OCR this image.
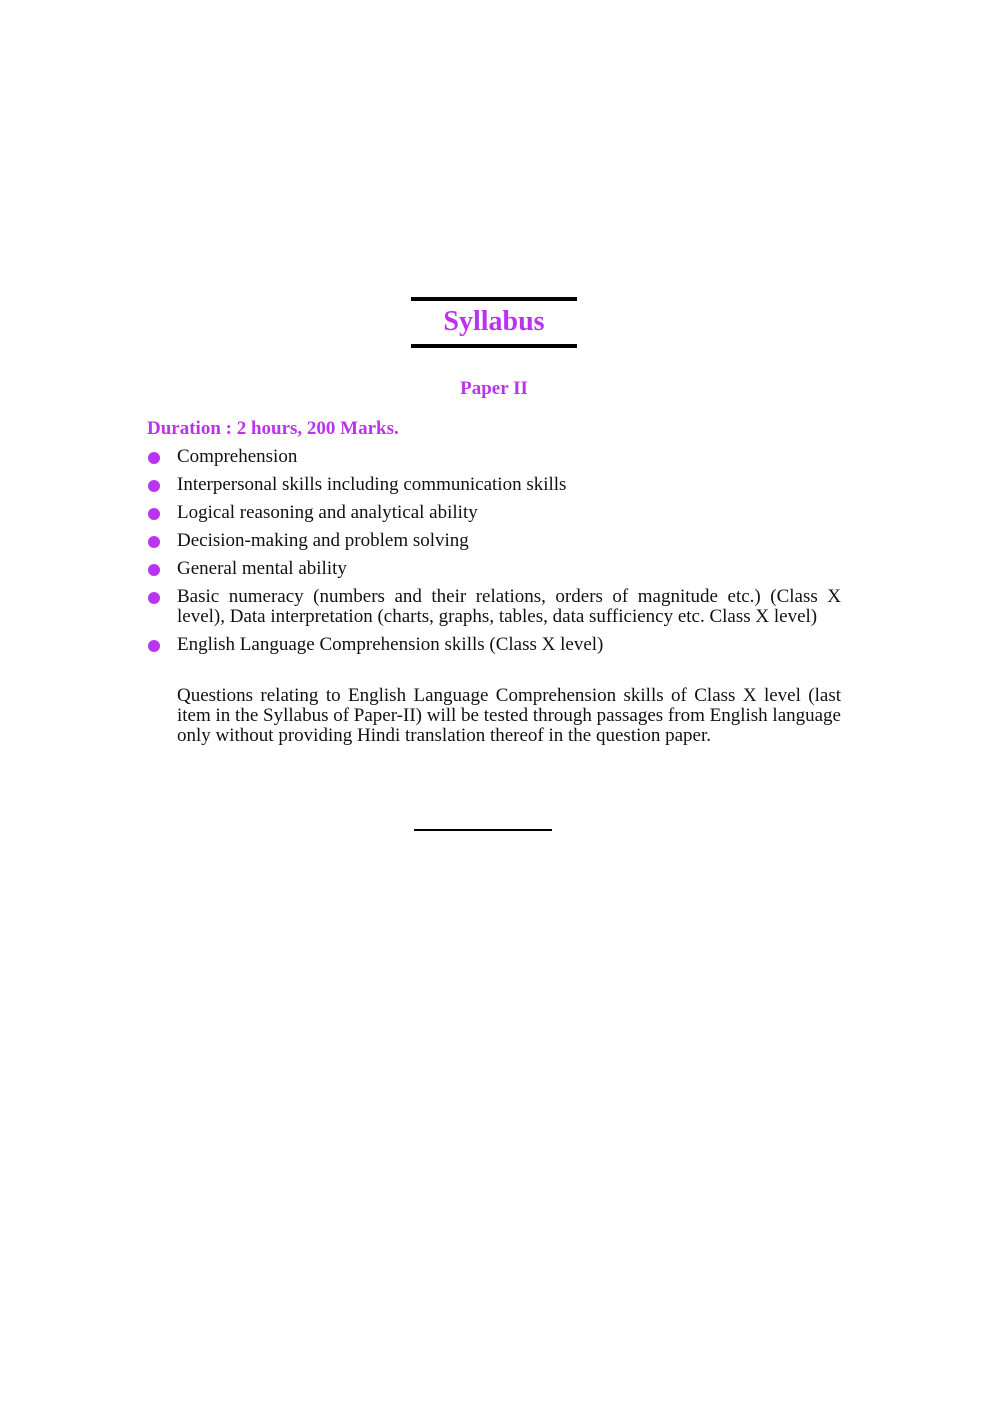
Syllabus
Paper II
Duration : 2 hours, 200 Marks.
Comprehension
Interpersonal skills including communication skills
Logical reasoning and analytical ability
Decision-making and problem solving
General mental ability
Basic numeracy (numbers and their relations, orders of magnitude etc.) (Class X level), Data interpretation (charts, graphs, tables, data sufficiency etc. Class X level)
English Language Comprehension skills (Class X level)
Questions relating to English Language Comprehension skills of Class X level (last item in the Syllabus of Paper-II) will be tested through passages from English language only without providing Hindi translation thereof in the question paper.
